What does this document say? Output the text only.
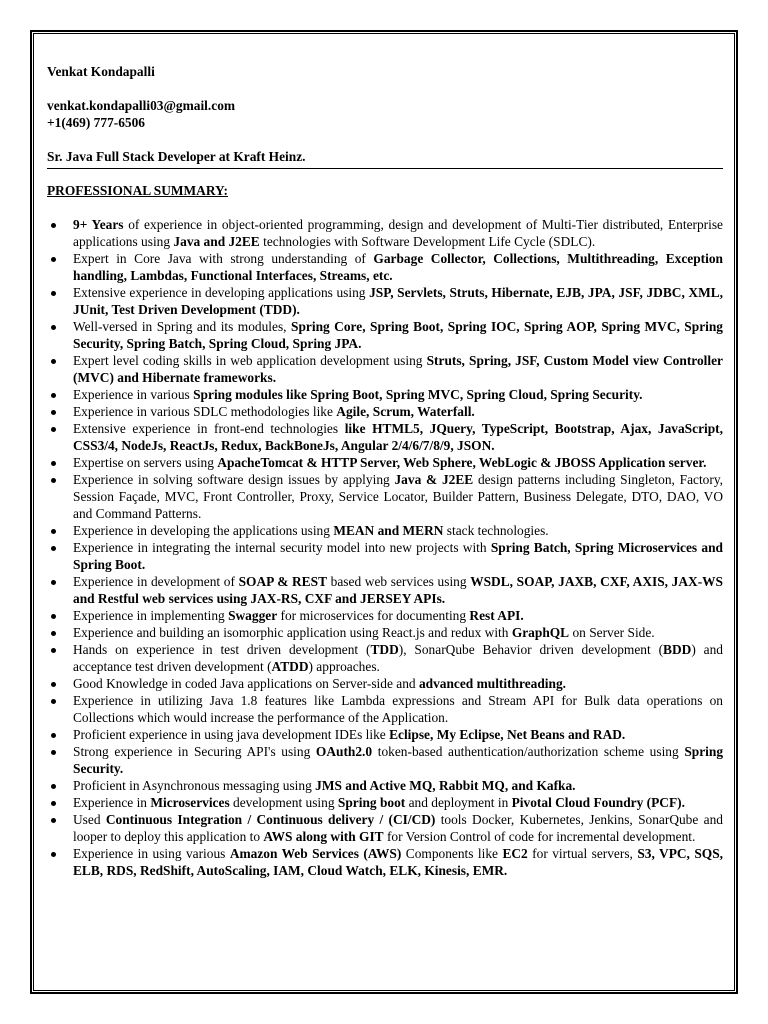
Venkat Kondapalli
venkat.kondapalli03@gmail.com
+1(469) 777-6506
Sr. Java Full Stack Developer at Kraft Heinz.
PROFESSIONAL SUMMARY:
9+ Years of experience in object-oriented programming, design and development of Multi-Tier distributed, Enterprise applications using Java and J2EE technologies with Software Development Life Cycle (SDLC).
Expert in Core Java with strong understanding of Garbage Collector, Collections, Multithreading, Exception handling, Lambdas, Functional Interfaces, Streams, etc.
Extensive experience in developing applications using JSP, Servlets, Struts, Hibernate, EJB, JPA, JSF, JDBC, XML, JUnit, Test Driven Development (TDD).
Well-versed in Spring and its modules, Spring Core, Spring Boot, Spring IOC, Spring AOP, Spring MVC, Spring Security, Spring Batch, Spring Cloud, Spring JPA.
Expert level coding skills in web application development using Struts, Spring, JSF, Custom Model view Controller (MVC) and Hibernate frameworks.
Experience in various Spring modules like Spring Boot, Spring MVC, Spring Cloud, Spring Security.
Experience in various SDLC methodologies like Agile, Scrum, Waterfall.
Extensive experience in front-end technologies like HTML5, JQuery, TypeScript, Bootstrap, Ajax, JavaScript, CSS3/4, NodeJs, ReactJs, Redux, BackBoneJs, Angular 2/4/6/7/8/9, JSON.
Expertise on servers using ApacheTomcat & HTTP Server, Web Sphere, WebLogic & JBOSS Application server.
Experience in solving software design issues by applying Java & J2EE design patterns including Singleton, Factory, Session Façade, MVC, Front Controller, Proxy, Service Locator, Builder Pattern, Business Delegate, DTO, DAO, VO and Command Patterns.
Experience in developing the applications using MEAN and MERN stack technologies.
Experience in integrating the internal security model into new projects with Spring Batch, Spring Microservices and Spring Boot.
Experience in development of SOAP & REST based web services using WSDL, SOAP, JAXB, CXF, AXIS, JAX-WS and Restful web services using JAX-RS, CXF and JERSEY APIs.
Experience in implementing Swagger for microservices for documenting Rest API.
Experience and building an isomorphic application using React.js and redux with GraphQL on Server Side.
Hands on experience in test driven development (TDD), SonarQube Behavior driven development (BDD) and acceptance test driven development (ATDD) approaches.
Good Knowledge in coded Java applications on Server-side and advanced multithreading.
Experience in utilizing Java 1.8 features like Lambda expressions and Stream API for Bulk data operations on Collections which would increase the performance of the Application.
Proficient experience in using java development IDEs like Eclipse, My Eclipse, Net Beans and RAD.
Strong experience in Securing API's using OAuth2.0 token-based authentication/authorization scheme using Spring Security.
Proficient in Asynchronous messaging using JMS and Active MQ, Rabbit MQ, and Kafka.
Experience in Microservices development using Spring boot and deployment in Pivotal Cloud Foundry (PCF).
Used Continuous Integration / Continuous delivery / (CI/CD) tools Docker, Kubernetes, Jenkins, SonarQube and looper to deploy this application to AWS along with GIT for Version Control of code for incremental development.
Experience in using various Amazon Web Services (AWS) Components like EC2 for virtual servers, S3, VPC, SQS, ELB, RDS, RedShift, AutoScaling, IAM, Cloud Watch, ELK, Kinesis, EMR.
